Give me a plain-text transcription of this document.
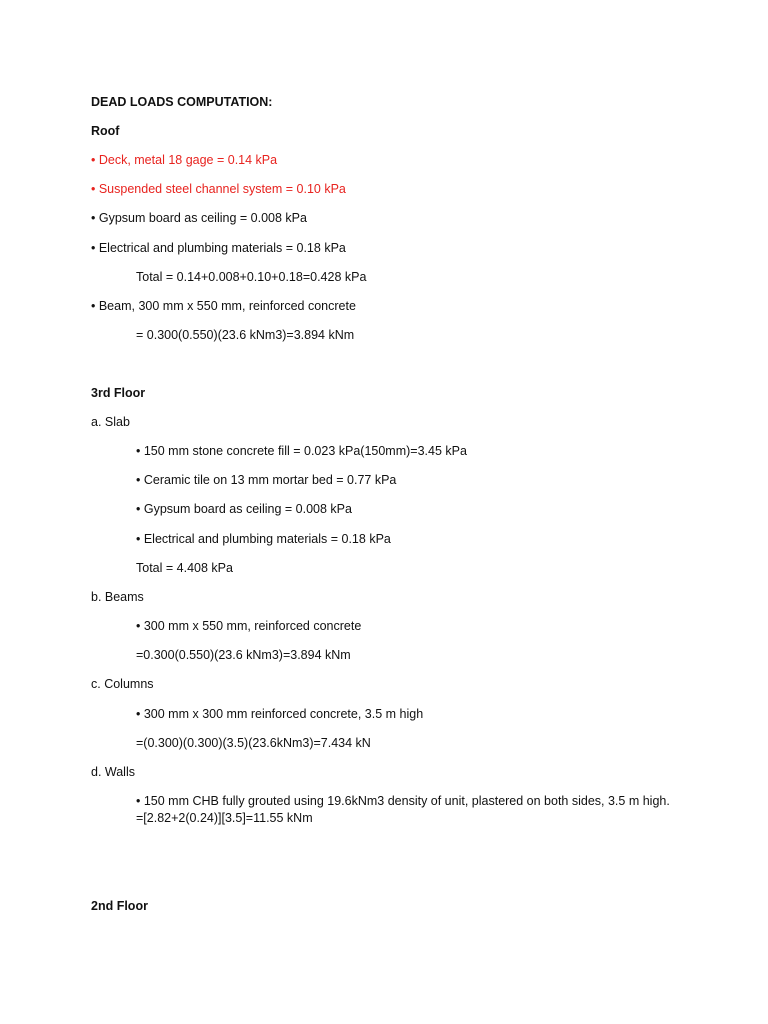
DEAD LOADS COMPUTATION:
Roof
• Deck, metal 18 gage = 0.14 kPa
• Suspended steel channel system = 0.10 kPa
• Gypsum board as ceiling = 0.008 kPa
• Electrical and plumbing materials = 0.18 kPa
Total = 0.14+0.008+0.10+0.18=0.428 kPa
• Beam, 300 mm x 550 mm, reinforced concrete
= 0.300(0.550)(23.6 kNm3)=3.894 kNm
3rd Floor
a. Slab
• 150 mm stone concrete fill = 0.023 kPa(150mm)=3.45 kPa
• Ceramic tile on 13 mm mortar bed = 0.77 kPa
• Gypsum board as ceiling = 0.008 kPa
• Electrical and plumbing materials = 0.18 kPa
Total = 4.408 kPa
b. Beams
• 300 mm x 550 mm, reinforced concrete
=0.300(0.550)(23.6 kNm3)=3.894 kNm
c. Columns
• 300 mm x 300 mm reinforced concrete, 3.5 m high
=(0.300)(0.300)(3.5)(23.6kNm3)=7.434 kN
d. Walls
• 150 mm CHB fully grouted using 19.6kNm3 density of unit, plastered on both sides, 3.5 m high.
=[2.82+2(0.24)][3.5]=11.55 kNm
2nd Floor
